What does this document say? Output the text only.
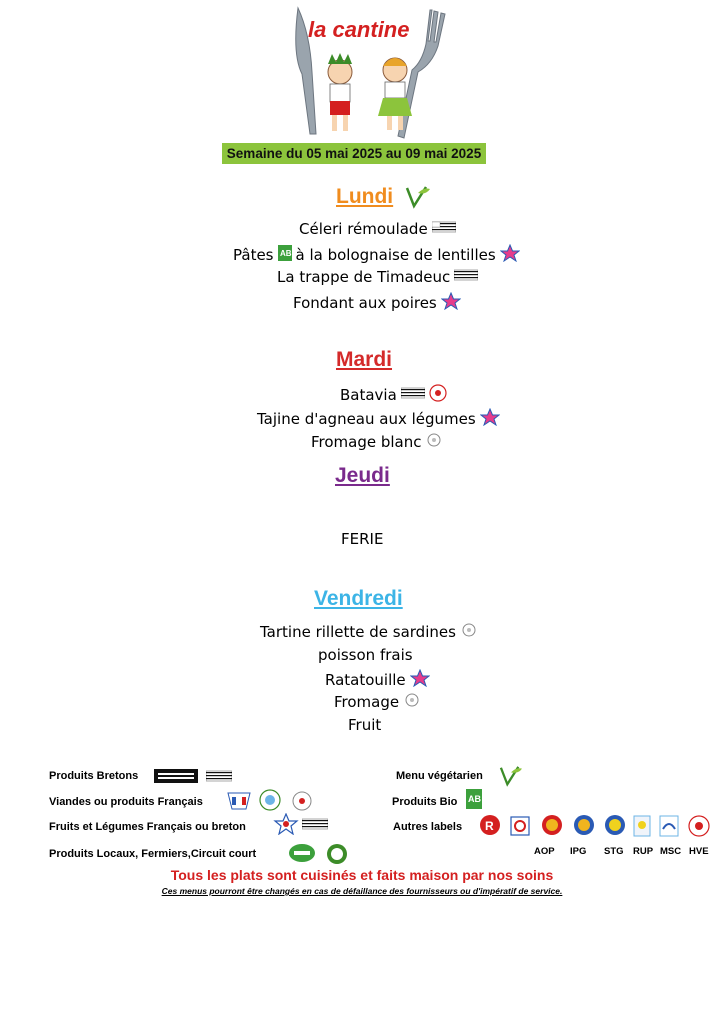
la cantine
Semaine du 05 mai 2025 au 09 mai 2025
Lundi
Céleri rémoulade
Pâtes AB à la bolognaise de lentilles
La trappe de Timadeuc
Fondant aux poires
Mardi
Batavia
Tajine d'agneau aux légumes
Fromage blanc
Jeudi
FERIE
Vendredi
Tartine rillette de sardines
poisson frais
Ratatouille
Fromage
Fruit
Produits Bretons
Viandes ou produits Français
Fruits et Légumes Français ou breton
Produits Locaux, Fermiers,Circuit court
Menu végétarien
Produits Bio AB
Autres labels R
AOP IPG STG RUP MSC HVE
Tous les plats sont cuisinés et faits maison par nos soins
Ces menus pourront être changés en cas de défaillance des fournisseurs ou d'impératif de service.
